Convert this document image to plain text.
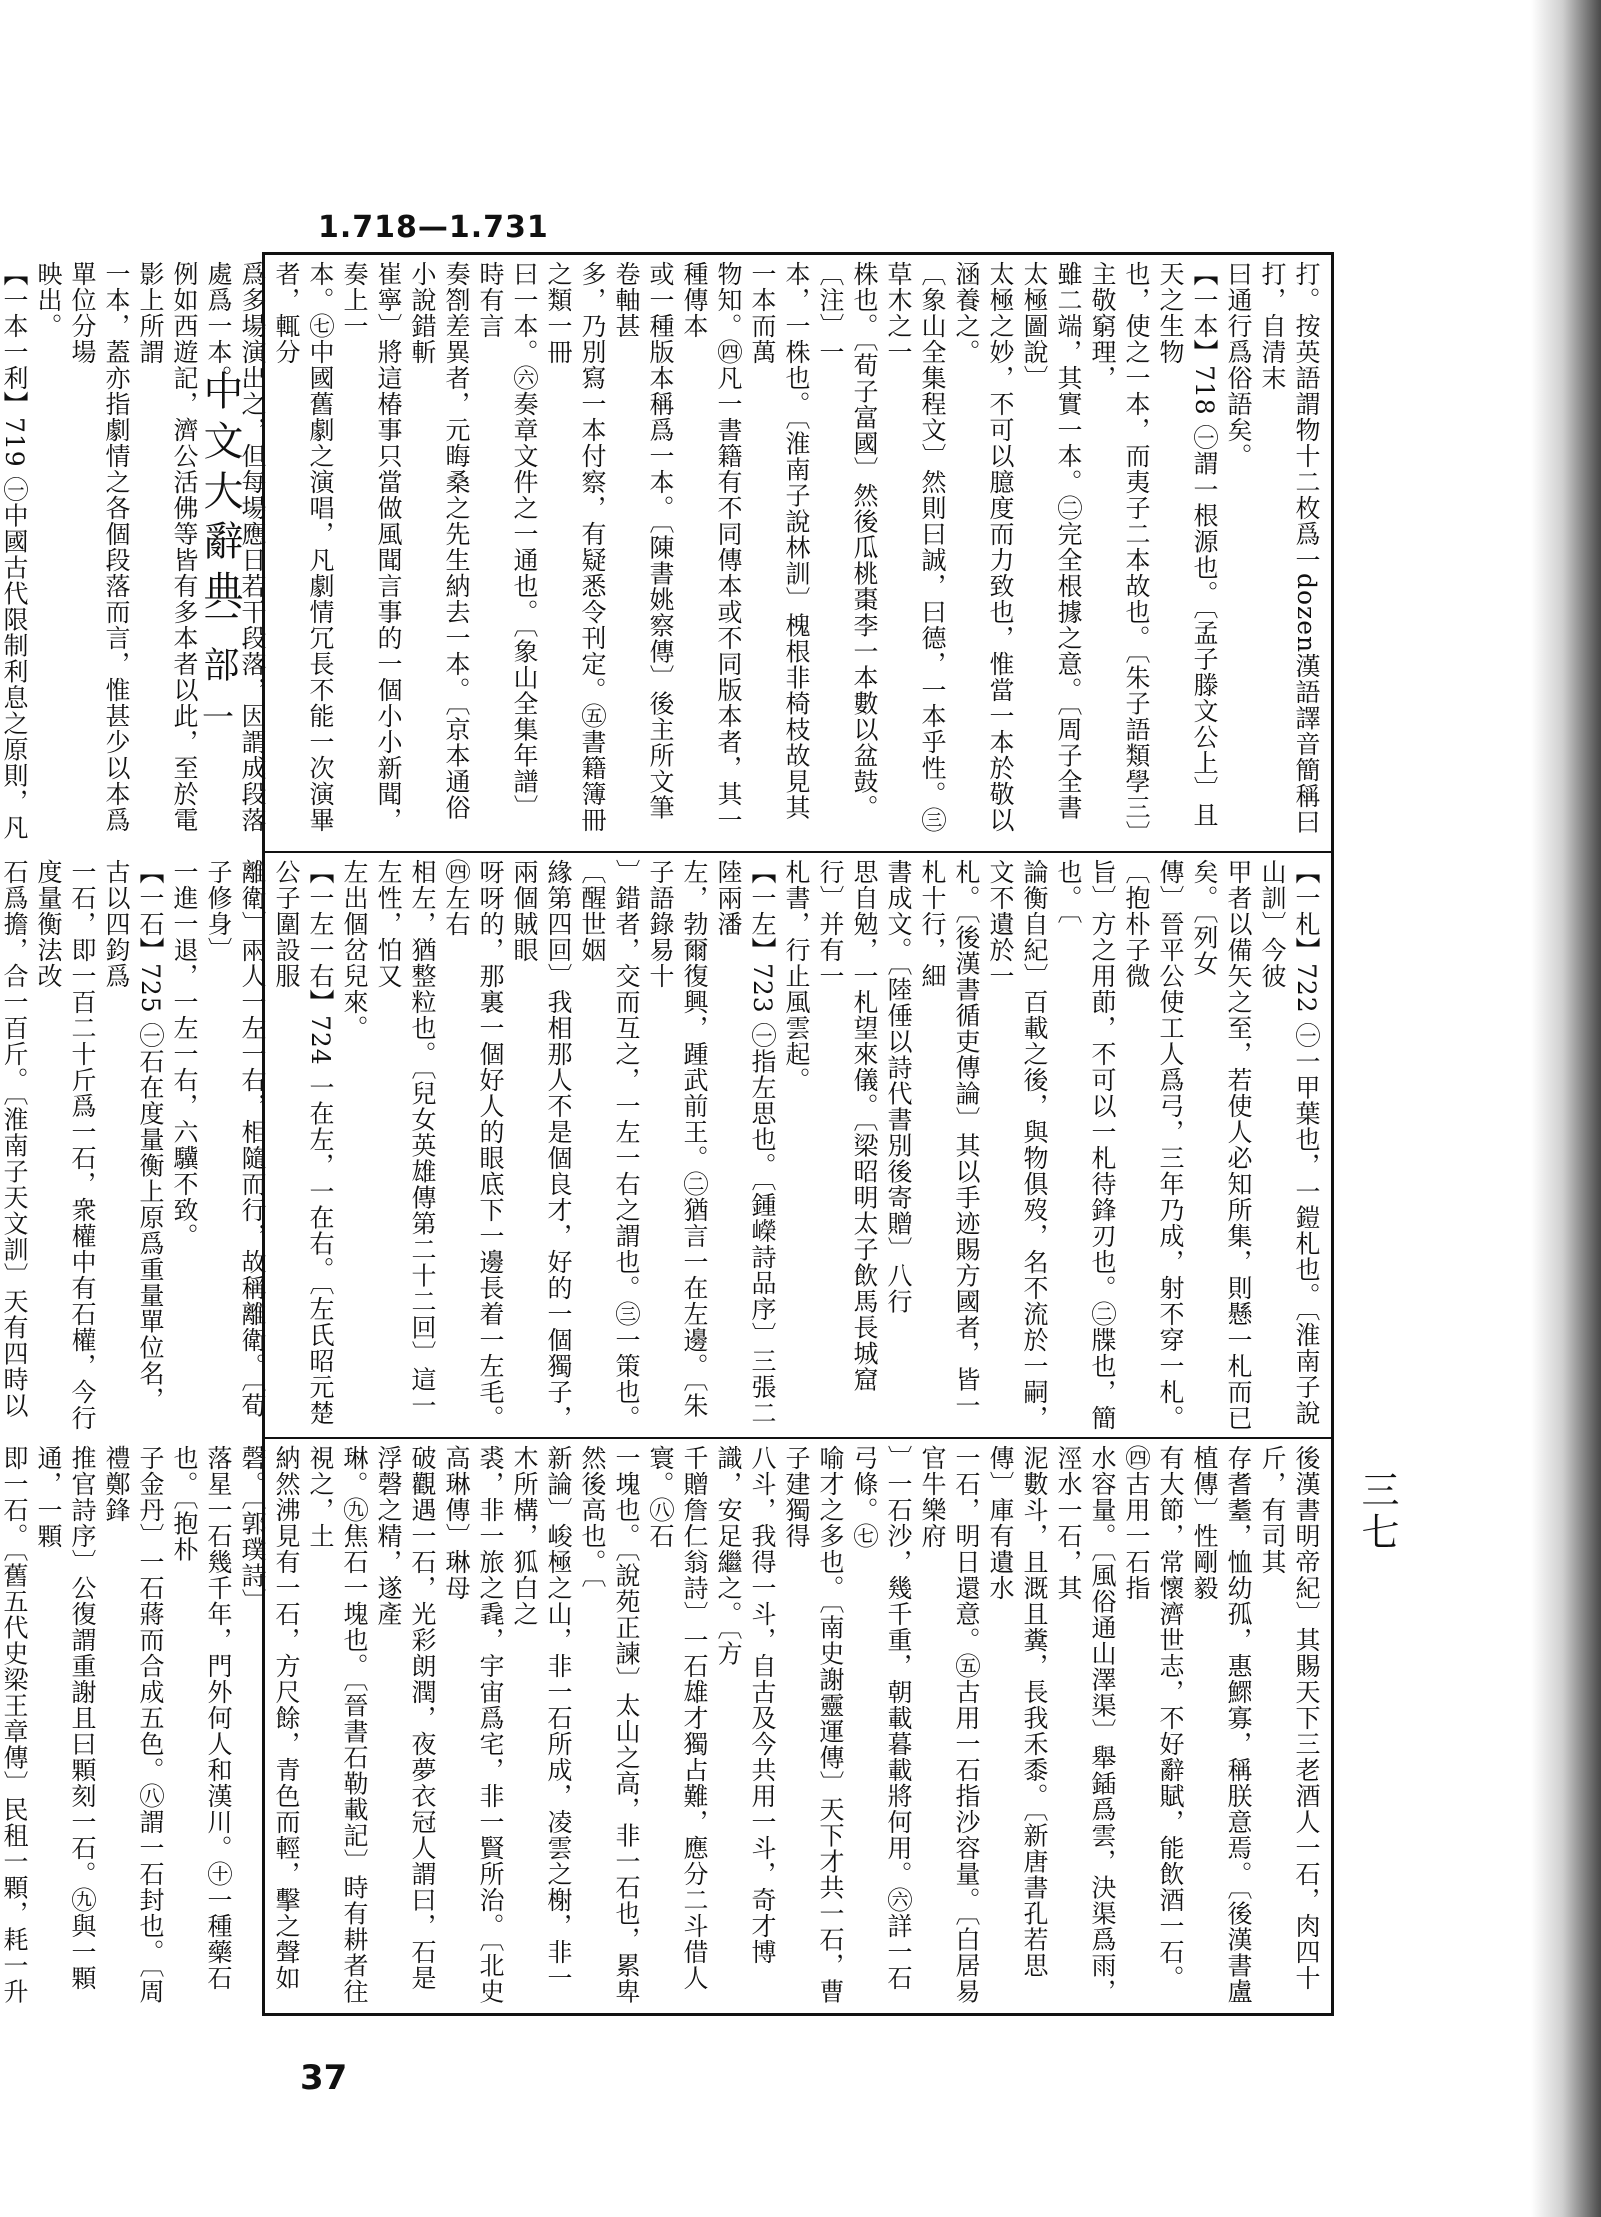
1.718—1.731
中文大辭典
一部
一
三七
打。按英語謂物十二枚爲一dozen漢語譯音簡稱曰打，自清末
曰通行爲俗語矣。
【一本】718 ㊀謂一根源也。〔孟子滕文公上〕且天之生物
也，使之一本，而夷子二本故也。〔朱子語類學三〕主敬窮理，
雖二端，其實一本。㊁完全根據之意。〔周子全書太極圖說〕
太極之妙，不可以臆度而力致也，惟當一本於敬以涵養之。
〔象山全集程文〕然則曰誠，曰德，一本乎性。㊂草木之一
株也。〔荀子富國〕然後瓜桃棗李一本數以盆鼓。〔注〕一
本，一株也。〔淮南子說林訓〕槐根非椅枝故見其一本而萬
物知。㊃凡一書籍有不同傳本或不同版本者，其一種傳本
或一種版本稱爲一本。〔陳書姚察傳〕後主所文筆卷軸甚
多，乃別寫一本付察，有疑悉令刊定。㊄書籍簿冊之類一冊
曰一本。㊅奏章文件之一通也。〔象山全集年譜〕時有言
奏劄差異者，元晦桑之先生納去一本。〔京本通俗小說錯斬
崔寧〕將這椿事只當做風聞言事的一個小小新聞，奏上一
本。㊆中國舊劇之演唱，凡劇情冗長不能一次演畢者，輒分
爲多場演出之，但每場應日若干段落，因謂成段落處爲一本。
例如西遊記，濟公活佛等皆有多本者以此，至於電影上所謂
一本，蓋亦指劇情之各個段落而言，惟甚少以本爲單位分場
映出。
【一本一利】719 ㊀中國古代限制利息之原則，凡
【一札】722 ㊀一甲葉也，一鎧札也。〔淮南子說山訓〕今彼
甲者以備矢之至，若使人必知所集，則懸一札而已矣。〔列女
傳〕晉平公使工人爲弓，三年乃成，射不穿一札。〔抱朴子微
旨〕方之用莭，不可以一札待鋒刃也。㊁牒也，簡也。〔
論衡自紀〕百載之後，與物俱歿，名不流於一嗣，文不遺於一
札。〔後漢書循吏傳論〕其以手迹賜方國者，皆一札十行，細
書成文。〔陸倕以詩代書別後寄贈〕八行
思自勉，一札望來儀。〔梁昭明太子飲馬長城窟行〕并有一
札書，行止風雲起。
【一左】723 ㊀指左思也。〔鍾嶸詩品序〕三張二陸兩潘
左，勃爾復興，踵武前王。㊁猶言一在左邊。〔朱子語錄易十
〕錯者，交而互之，一左一右之謂也。㊂一策也。〔醒世姻
緣第四回〕我相那人不是個良才，好的一個獨子，兩個賊眼
呀呀的，那裏一個好人的眼底下一邊長着一左毛。㊃左右
相左，猶整粒也。〔兒女英雄傳第二十二回〕這一左性，怕又
左出個岔兒來。
【一左一右】724 一在左，一在右。〔左氏昭元楚公子圍設服
離衛〕兩人一左一右，相隨而行，故稱離衛。〔荀子修身〕
一進一退，一左一右，六驥不致。
【一石】725 ㊀石在度量衡上原爲重量單位名，古以四鈞爲
一石，即一百二十斤爲一石，衆權中有石權，今行度量衡法改
石爲擔，合一百斤。〔淮南子天文訓〕天有四時以
後漢書明帝紀〕其賜天下三老酒人一石，肉四十斤，有司其
存耆耋，恤幼孤，惠鰥寡，稱朕意焉。〔後漢書盧植傳〕性剛毅
有大節，常懷濟世志，不好辭賦，能飲酒一石。㊃古用一石指
水容量。〔風俗通山澤渠〕舉鍤爲雲，決渠爲雨，涇水一石，其
泥數斗，且溉且糞，長我禾黍。〔新唐書孔若思傳〕庫有遺水
一石，明日還意。㊄古用一石指沙容量。〔白居易官牛樂府
〕一石沙，幾千重，朝載暮載將何用。㊅詳一石弓條。㊆
喻才之多也。〔南史謝靈運傳〕天下才共一石，曹子建獨得
八斗，我得一斗，自古及今共用一斗，奇才博識，安足繼之。〔方
千贈詹仁翁詩〕一石雄才獨占難，應分二斗借人寰。㊇石
一塊也。〔說苑正諫〕太山之高，非一石也，累卑然後高也。〔
新論〕峻極之山，非一石所成，凌雲之榭，非一木所構，狐白之
裘，非一旅之毳，宇宙爲宅，非一賢所治。〔北史高琳傳〕琳母
破觀遇一石，光彩朗潤，夜夢衣冠人謂曰，石是浮磬之精，遂產
琳。㊈焦石一塊也。〔晉書石勒載記〕時有耕者往視之，土
納然沸見有一石，方尺餘，青色而輕，擊之聲如磬。〔郭璞詩〕
落星一石幾千年，門外何人和漢川。㊉一種藥石也。〔抱朴
子金丹〕一石蔣而合成五色。㊇謂一石封也。〔周禮鄭鋒
推官詩序〕公復謂重謝且曰顆刻一石。㊈與一顆通，一顆
即一石。〔舊五代史梁王章傳〕民租一顆，耗一升
37
